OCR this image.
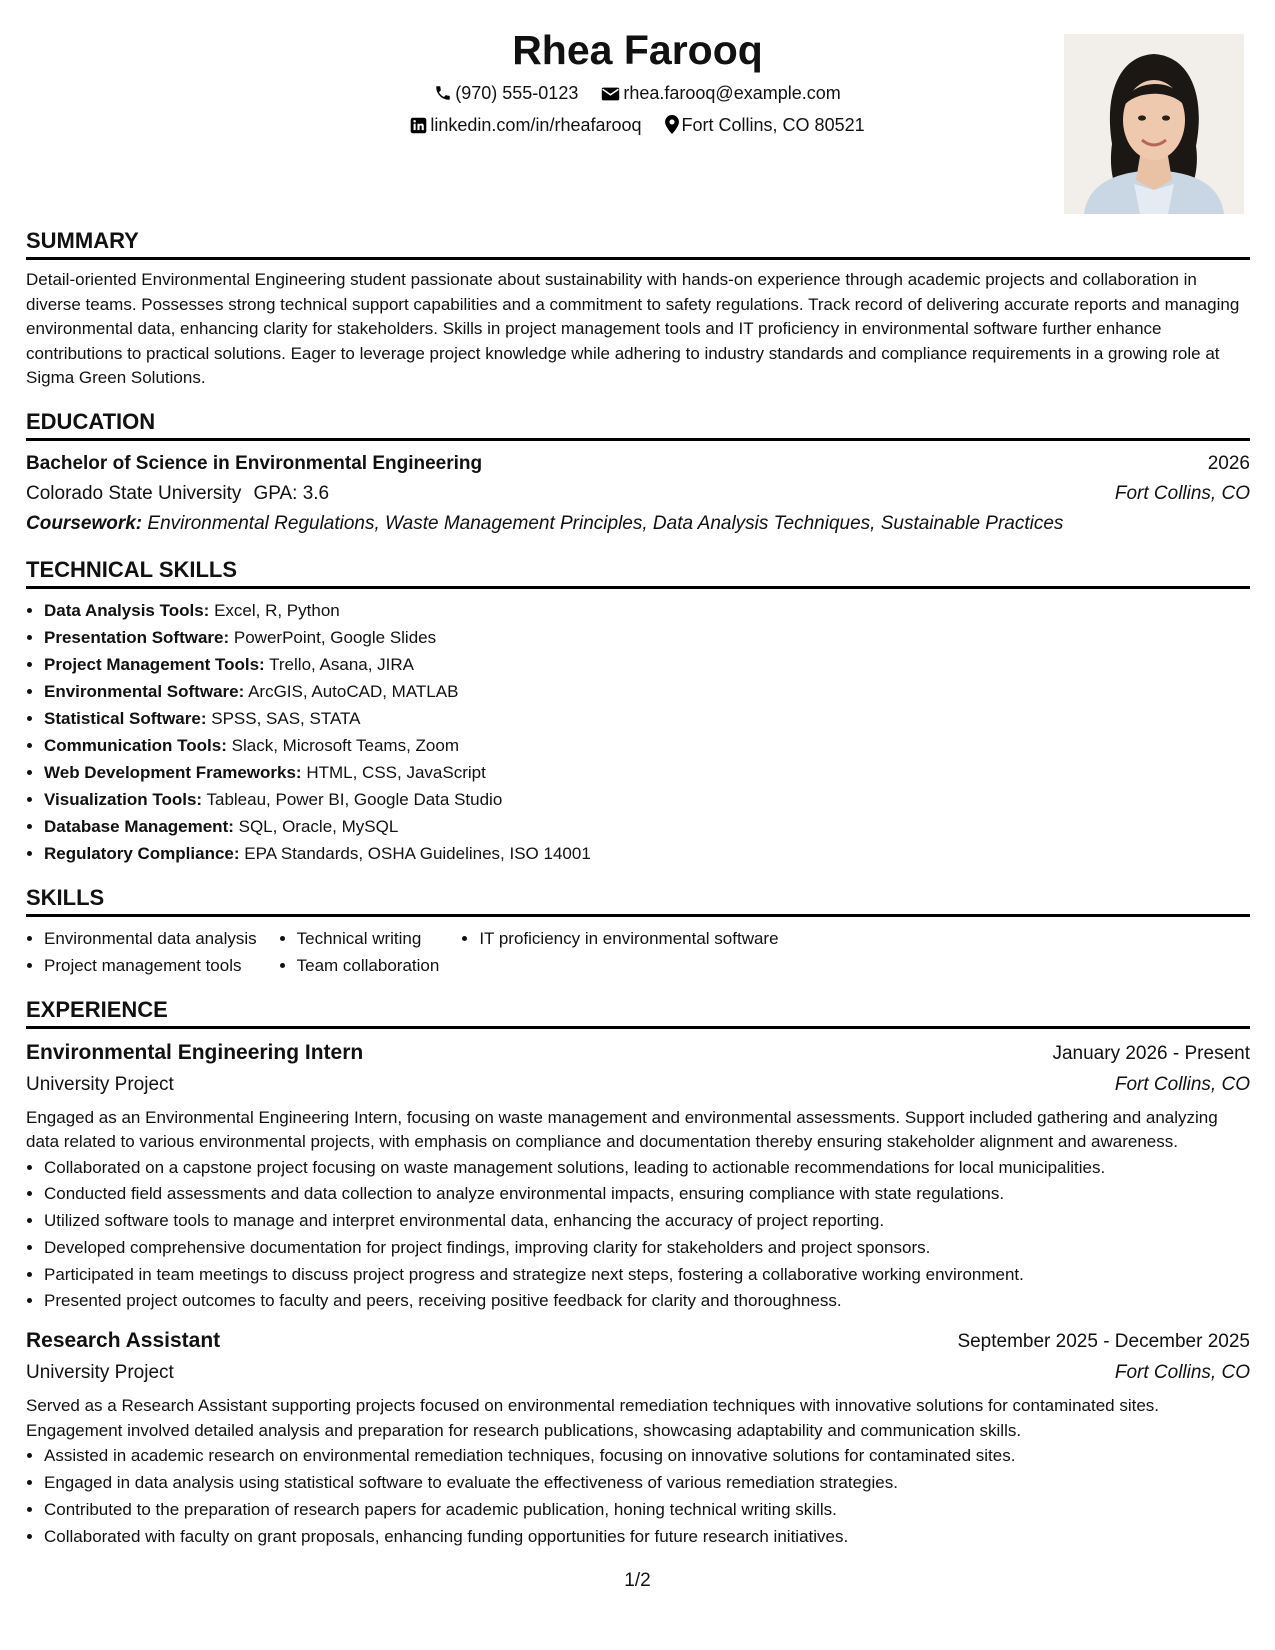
Rhea Farooq
(970) 555-0123	rhea.farooq@example.com
linkedin.com/in/rheafarooq Fort Collins, CO 80521
SUMMARY

Detail-oriented Environmental Engineering student passionate about sustainability with hands-on experience through academic projects and collaboration in diverse teams. Possesses strong technical support capabilities and a commitment to safety regulations. Track record of delivering accurate reports and managing environmental data, enhancing clarity for stakeholders. Skills in project management tools and IT proficiency in environmental software further enhance contributions to practical solutions. Eager to leverage project knowledge while adhering to industry standards and compliance requirements in a growing role at Sigma Green Solutions.

EDUCATION
Bachelor of Science in Environmental Engineering	2026
Colorado State University GPA: 3.6	Fort Collins, CO
Coursework: Environmental Regulations, Waste Management Principles, Data Analysis Techniques, Sustainable Practices
TECHNICAL SKILLS
• Data Analysis Tools: Excel, R, Python
• Presentation Software: PowerPoint, Google Slides
• Project Management Tools: Trello, Asana, JIRA
• Environmental Software: ArcGIS, AutoCAD, MATLAB
• Statistical Software: SPSS, SAS, STATA
• Communication Tools: Slack, Microsoft Teams, Zoom
• Web Development Frameworks: HTML, CSS, JavaScript
• Visualization Tools: Tableau, Power BI, Google Data Studio
• Database Management: SQL, Oracle, MySQL
• Regulatory Compliance: EPA Standards, OSHA Guidelines, ISO 14001
SKILLS
• Environmental data analysis
• Project management tools
• Technical writing
• Team collaboration
• IT proficiency in environmental software
EXPERIENCE
Environmental Engineering Intern	January 2026 - Present
University Project	Fort Collins, CO

Engaged as an Environmental Engineering Intern, focusing on waste management and environmental assessments. Support included gathering and analyzing data related to various environmental projects, with emphasis on compliance and documentation thereby ensuring stakeholder alignment and awareness.

• Collaborated on a capstone project focusing on waste management solutions, leading to actionable recommendations for local municipalities.
• Conducted field assessments and data collection to analyze environmental impacts, ensuring compliance with state regulations.
• Utilized software tools to manage and interpret environmental data, enhancing the accuracy of project reporting.
• Developed comprehensive documentation for project findings, improving clarity for stakeholders and project sponsors.
• Participated in team meetings to discuss project progress and strategize next steps, fostering a collaborative working environment.
• Presented project outcomes to faculty and peers, receiving positive feedback for clarity and thoroughness.
Research Assistant	September 2025 - December 2025
University Project	Fort Collins, CO

Served as a Research Assistant supporting projects focused on environmental remediation techniques with innovative solutions for contaminated sites. Engagement involved detailed analysis and preparation for research publications, showcasing adaptability and communication skills.

• Assisted in academic research on environmental remediation techniques, focusing on innovative solutions for contaminated sites.
• Engaged in data analysis using statistical software to evaluate the effectiveness of various remediation strategies.
• Contributed to the preparation of research papers for academic publication, honing technical writing skills.
• Collaborated with faculty on grant proposals, enhancing funding opportunities for future research initiatives.
1/2
